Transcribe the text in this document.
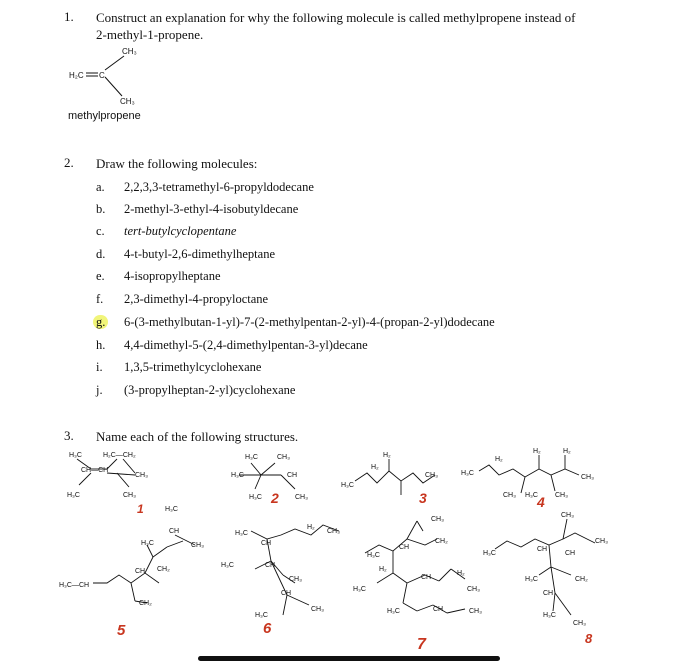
1. Construct an explanation for why the following molecule is called methylpropene instead of
2-methyl-1-propene.
CH₃
H₂C C
CH₃
methylpropene
2. Draw the following molecules:
a. 2,2,3,3-tetramethyl-6-propyldodecane
b. 2-methyl-3-ethyl-4-isobutyldecane
c. tert-butylcyclopentane
d. 4-t-butyl-2,6-dimethylheptane
e. 4-isopropylheptane
f. 2,3-dimethyl-4-propyloctane
g. 6-(3-methylbutan-1-yl)-7-(2-methylpentan-2-yl)-4-(propan-2-yl)dodecane
h. 4,4-dimethyl-5-(2,4-dimethylpentan-3-yl)decane
i. 1,3,5-trimethylcyclohexane
j. (3-propylheptan-2-yl)cyclohexane
3. Name each of the following structures.
H₃C	H₂C—CH₂
CH—CH
CH₃
H₃C	CH₃
H₃C	CH₃
H₃C	CH
H₃C	CH₃
H₃C
H₂
H₂
CH₃	H₃C
H₂
H₂	H₂
CH₃
CH₃ H₃C CH₃
H₃C
H₃C
CH
CH₃
H₃C—CH
CH CH₂
CH₂
H₃C
CH
H₂
CH₃
H₃C	CH
CH₃
CH
CH₃
H₃C
CH₃
CH₂
H₃C
CH
H₂
H₃C
CH
H₂
CH₃
H₃C	CH	CH₃
CH₃
CH₃
H₃C
CH
CH
H₃C	CH₂
CH
H₃C
CH₃
1
2	3	4
5	6
7	8
